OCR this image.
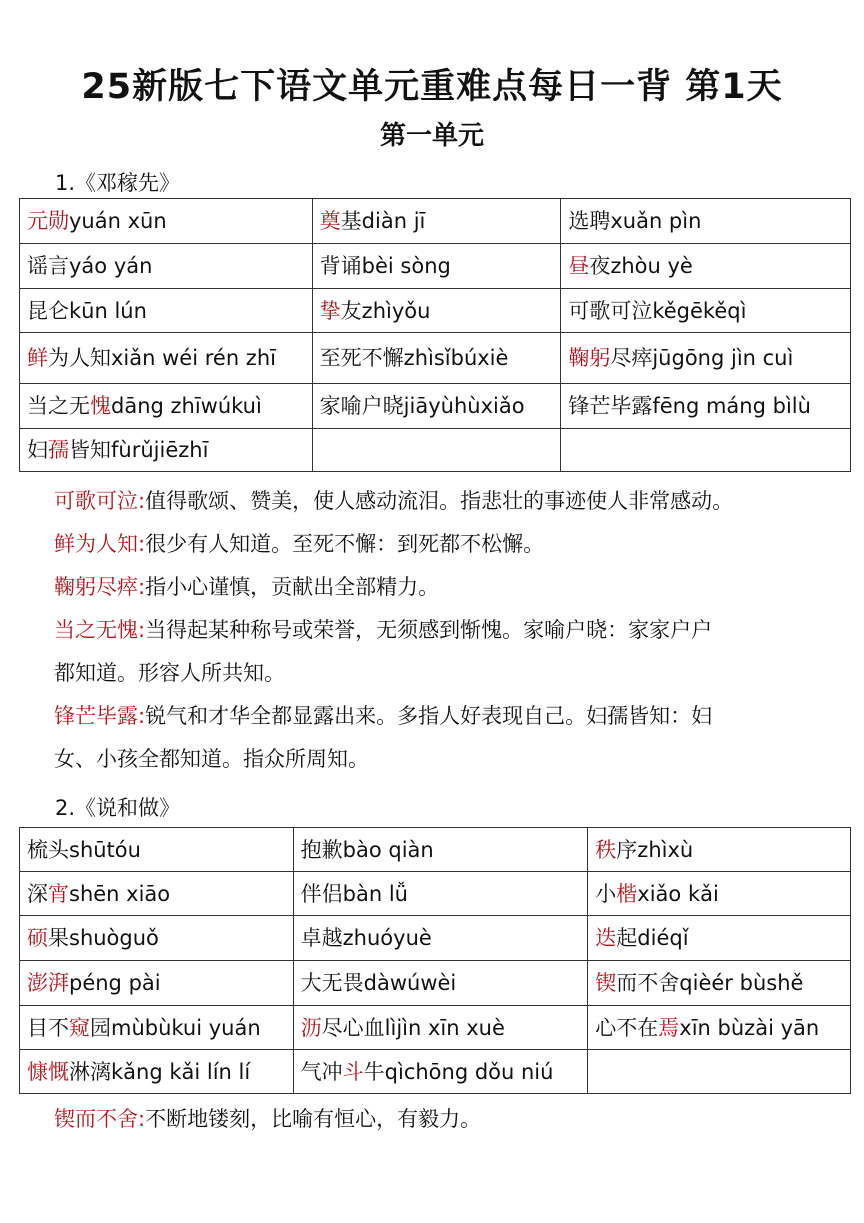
25新版七下语文单元重难点每日一背 第1天
第一单元
1.《邓稼先》
元勋yuán xūn	奠基diàn jī	选聘xuǎn pìn
谣言yáo yán	背诵bèi sòng	昼夜zhòu yè
昆仑kūn lún	挚友zhìyǒu	可歌可泣kěgēkěqì
鲜为人知xiǎn wéi rén zhī	至死不懈zhìsǐbúxiè	鞠躬尽瘁jūgōng jìn cuì
当之无愧dāng zhīwúkuì	家喻户晓jiāyùhùxiǎo	锋芒毕露fēng máng bìlù
妇孺皆知fùrǔjiēzhī		

可歌可泣:值得歌颂、赞美，使人感动流泪。指悲壮的事迹使人非常感动。

鲜为人知:很少有人知道。至死不懈：到死都不松懈。

鞠躬尽瘁:指小心谨慎，贡献出全部精力。

当之无愧:当得起某种称号或荣誉，无须感到惭愧。家喻户晓：家家户户

都知道。形容人所共知。

锋芒毕露:锐气和才华全都显露出来。多指人好表现自己。妇孺皆知：妇

女、小孩全都知道。指众所周知。

2.《说和做》
梳头shūtóu	抱歉bào qiàn	秩序zhìxù
深宵shēn xiāo	伴侣bàn lǚ	小楷xiǎo kǎi
硕果shuòguǒ	卓越zhuóyuè	迭起diéqǐ
澎湃péng pài	大无畏dàwúwèi	锲而不舍qièér bùshě
目不窥园mùbùkui yuán	沥尽心血lìjìn xīn xuè	心不在焉xīn bùzài yān
慷慨淋漓kǎng kǎi lín lí	气冲斗牛qìchōng dǒu niú	

锲而不舍:不断地镂刻，比喻有恒心，有毅力。
